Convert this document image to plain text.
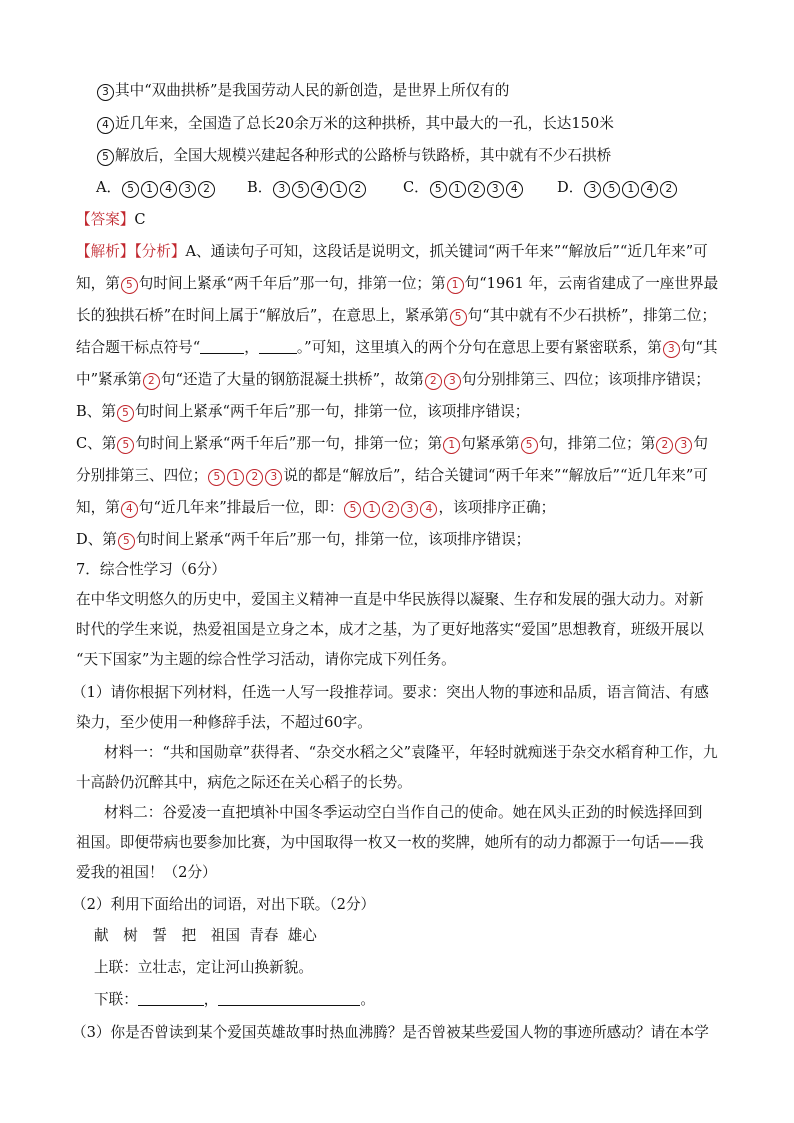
3 其中“双曲拱桥”是我国劳动人民的新创造，是世界上所仅有的
4 近几年来，全国造了总长20余万米的这种拱桥，其中最大的一孔，长达150米
5 解放后，全国大规模兴建起各种形式的公路桥与铁路桥，其中就有不少石拱桥
A． 5 1 4 3 2	B． 3 5 4 1 2	C． 5 1 2 3 4	D． 3 5 1 4 2
【答案】C
【解析】【分析】A、通读句子可知，这段话是说明文，抓关键词“两千年来”“解放后”“近几年来”可
知，第 5 句时间上紧承“两千年后”那一句，排第一位；第 1 句“1961 年，云南省建成了一座世界最
长的独拱石桥”在时间上属于“解放后”，在意思上，紧承第 5 句“其中就有不少石拱桥”，排第二位；
结合题干标点符号“	，	。”可知，这里填入的两个分句在意思上要有紧密联系，第 3 句“其
中”紧承第 2 句“还造了大量的钢筋混凝土拱桥”，故第 2 3 句分别排第三、四位；该项排序错误；
B、第 5 句时间上紧承“两千年后”那一句，排第一位，该项排序错误；
C、第 5 句时间上紧承“两千年后”那一句，排第一位；第 1 句紧承第 5 句，排第二位；第 2 3 句
分别排第三、四位； 5 1 2 3 说的都是“解放后”，结合关键词“两千年来”“解放后”“近几年来”可
知，第 4 句“近几年来”排最后一位，即： 5 1 2 3 4 ，该项排序正确；
D、第 5 句时间上紧承“两千年后”那一句，排第一位，该项排序错误；
7．综合性学习（6分）
在中华文明悠久的历史中，爱国主义精神一直是中华民族得以凝聚、生存和发展的强大动力。对新
时代的学生来说，热爱祖国是立身之本，成才之基，为了更好地落实“爱国”思想教育，班级开展以
“天下国家”为主题的综合性学习活动，请你完成下列任务。
（1）请你根据下列材料，任选一人写一段推荐词。要求：突出人物的事迹和品质，语言简洁、有感
染力，至少使用一种修辞手法，不超过60字。
材料一：“共和国勋章”获得者、“杂交水稻之父”袁隆平，年轻时就痴迷于杂交水稻育种工作，九
十高龄仍沉醉其中，病危之际还在关心稻子的长势。
材料二：谷爱凌一直把填补中国冬季运动空白当作自己的使命。她在风头正劲的时候选择回到
祖国。即便带病也要参加比赛，为中国取得一枚又一枚的奖牌，她所有的动力都源于一句话——我
爱我的祖国！（2分）
（2）利用下面给出的词语，对出下联。（2分）
献　树　誓　把　祖国  青春  雄心
上联：立壮志，定让河山换新貌。
下联：	，	。
（3）你是否曾读到某个爱国英雄故事时热血沸腾？是否曾被某些爱国人物的事迹所感动？请在本学
